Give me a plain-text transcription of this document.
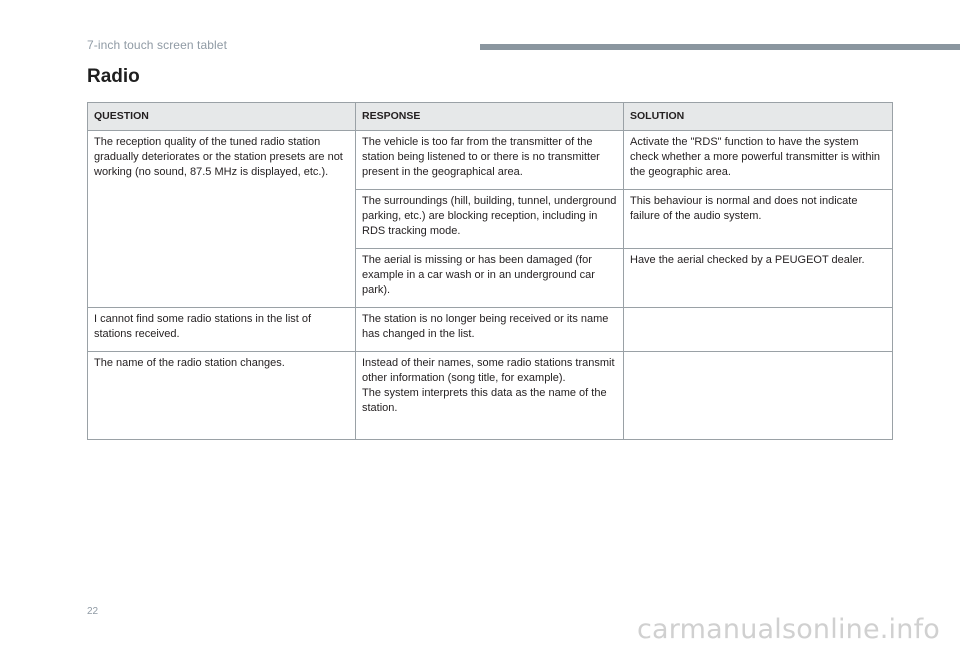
7-inch touch screen tablet
Radio
QUESTION	RESPONSE	SOLUTION
The reception quality of the tuned radio station gradually deteriorates or the station presets are not working (no sound, 87.5 MHz is displayed, etc.).	The vehicle is too far from the transmitter of the station being listened to or there is no transmitter present in the geographical area.	Activate the "RDS" function to have the system check whether a more powerful transmitter is within the geographic area.
	The surroundings (hill, building, tunnel, underground parking, etc.) are blocking reception, including in RDS tracking mode.	This behaviour is normal and does not indicate failure of the audio system.
	The aerial is missing or has been damaged (for example in a car wash or in an underground car park).	Have the aerial checked by a PEUGEOT dealer.
I cannot find some radio stations in the list of stations received.	The station is no longer being received or its name has changed in the list.	
The name of the radio station changes.	Instead of their names, some radio stations transmit other information (song title, for example).
The system interprets this data as the name of the station.	

22
carmanualsonline.info
